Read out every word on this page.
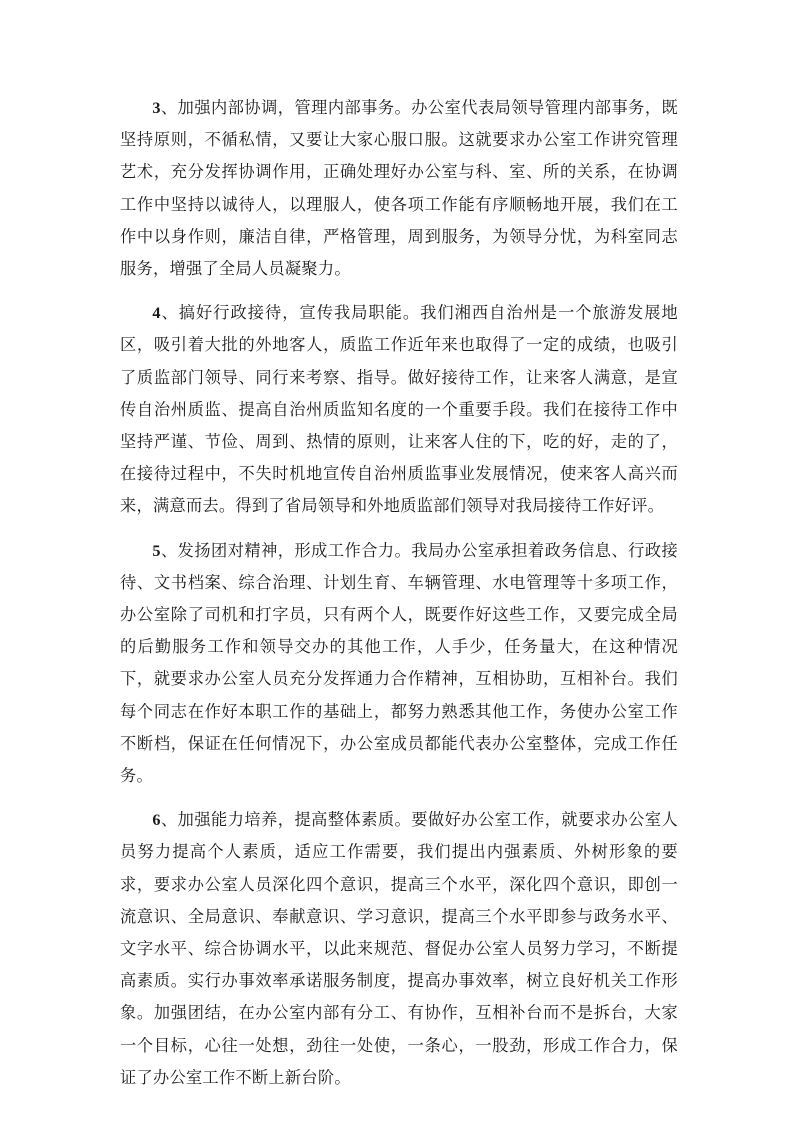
3、加强内部协调，管理内部事务。办公室代表局领导管理内部事务，既坚持原则，不循私情，又要让大家心服口服。这就要求办公室工作讲究管理艺术，充分发挥协调作用，正确处理好办公室与科、室、所的关系，在协调工作中坚持以诚待人，以理服人，使各项工作能有序顺畅地开展，我们在工作中以身作则，廉洁自律，严格管理，周到服务，为领导分忧，为科室同志服务，增强了全局人员凝聚力。

4、搞好行政接待，宣传我局职能。我们湘西自治州是一个旅游发展地区，吸引着大批的外地客人，质监工作近年来也取得了一定的成绩，也吸引了质监部门领导、同行来考察、指导。做好接待工作，让来客人满意，是宣传自治州质监、提高自治州质监知名度的一个重要手段。我们在接待工作中坚持严谨、节俭、周到、热情的原则，让来客人住的下，吃的好，走的了，在接待过程中，不失时机地宣传自治州质监事业发展情况，使来客人高兴而来，满意而去。得到了省局领导和外地质监部们领导对我局接待工作好评。

5、发扬团对精神，形成工作合力。我局办公室承担着政务信息、行政接待、文书档案、综合治理、计划生育、车辆管理、水电管理等十多项工作，办公室除了司机和打字员，只有两个人，既要作好这些工作，又要完成全局的后勤服务工作和领导交办的其他工作，人手少，任务量大，在这种情况下，就要求办公室人员充分发挥通力合作精神，互相协助，互相补台。我们每个同志在作好本职工作的基础上，都努力熟悉其他工作，务使办公室工作不断档，保证在任何情况下，办公室成员都能代表办公室整体，完成工作任务。

6、加强能力培养，提高整体素质。要做好办公室工作，就要求办公室人员努力提高个人素质，适应工作需要，我们提出内强素质、外树形象的要求，要求办公室人员深化四个意识，提高三个水平，深化四个意识，即创一流意识、全局意识、奉献意识、学习意识，提高三个水平即参与政务水平、文字水平、综合协调水平，以此来规范、督促办公室人员努力学习，不断提高素质。实行办事效率承诺服务制度，提高办事效率，树立良好机关工作形象。加强团结，在办公室内部有分工、有协作，互相补台而不是拆台，大家一个目标，心往一处想，劲往一处使，一条心，一股劲，形成工作合力，保证了办公室工作不断上新台阶。
